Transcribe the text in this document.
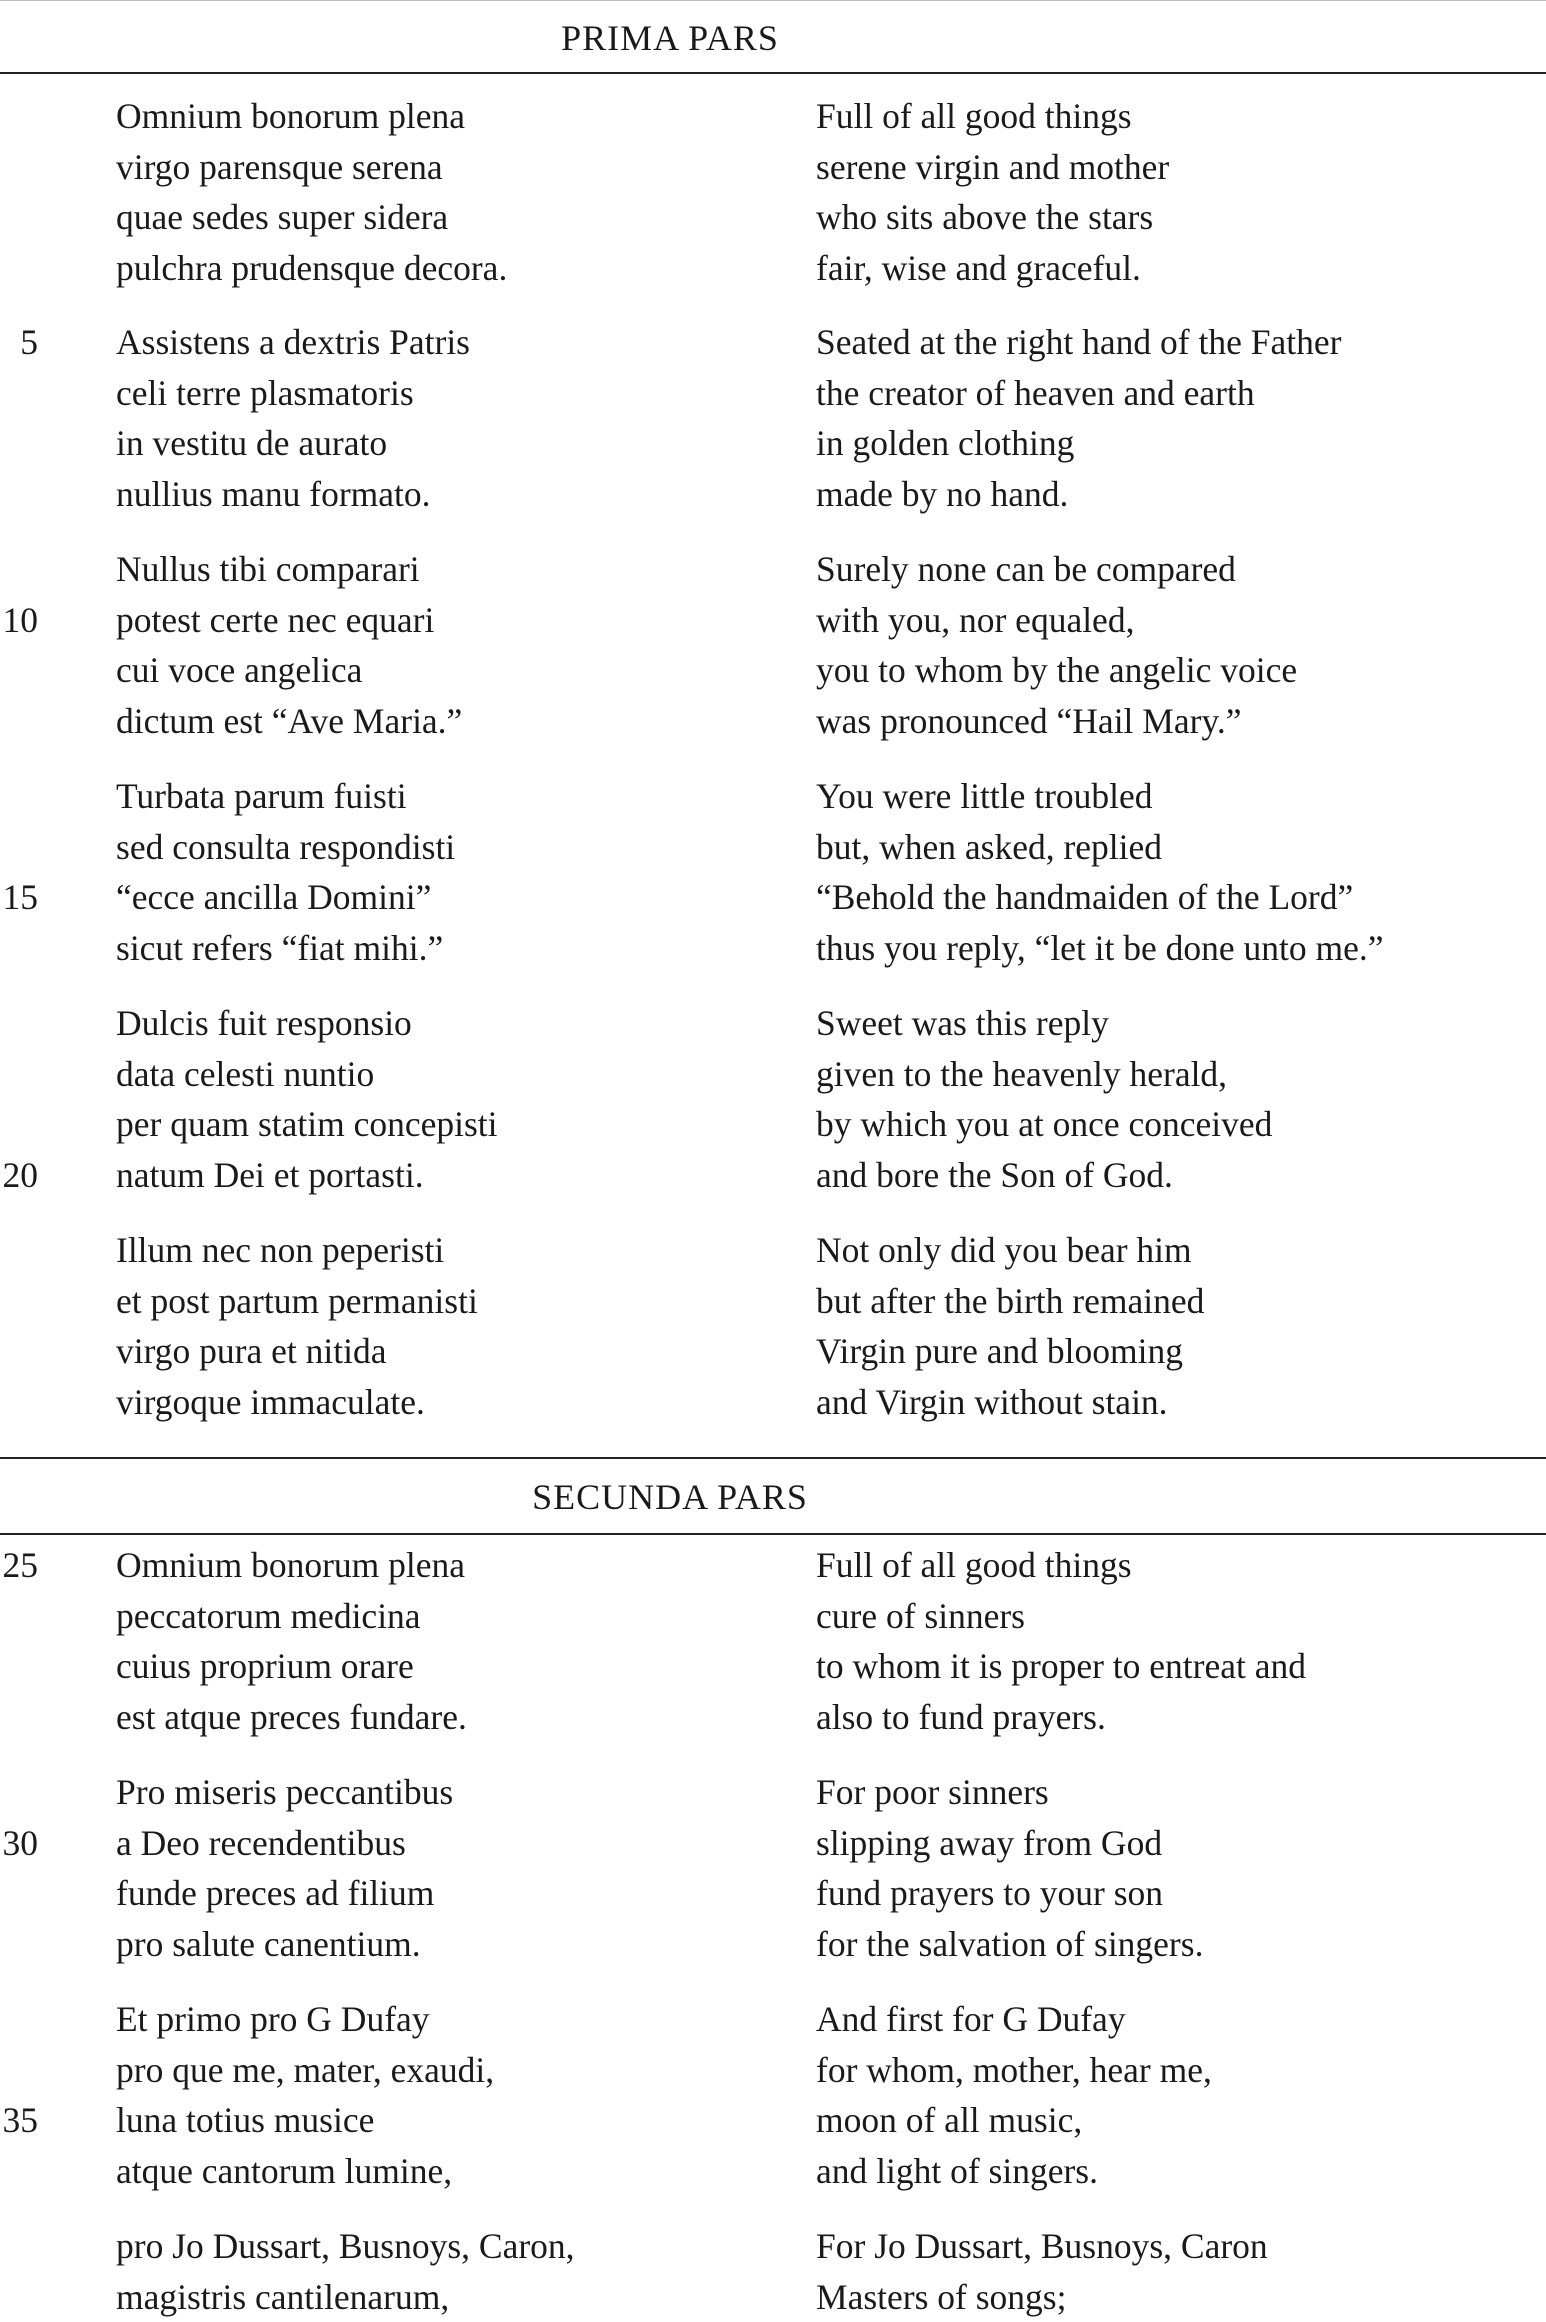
PRIMA PARS
Omnium bonorum plena	Full of all good things
virgo parensque serena	serene virgin and mother
quae sedes super sidera	who sits above the stars
pulchra prudensque decora.	fair, wise and graceful.
5 Assistens a dextris Patris	Seated at the right hand of the Father
celi terre plasmatoris	the creator of heaven and earth
in vestitu de aurato	in golden clothing
nullius manu formato.	made by no hand.
Nullus tibi comparari	Surely none can be compared
10 potest certe nec equari	with you, nor equaled,
cui voce angelica	you to whom by the angelic voice
dictum est “Ave Maria.”	was pronounced “Hail Mary.”
Turbata parum fuisti	You were little troubled
sed consulta respondisti	but, when asked, replied
15 “ecce ancilla Domini”	“Behold the handmaiden of the Lord”
sicut refers “fiat mihi.”	thus you reply, “let it be done unto me.”
Dulcis fuit responsio	Sweet was this reply
data celesti nuntio	given to the heavenly herald,
per quam statim concepisti	by which you at once conceived
20 natum Dei et portasti.	and bore the Son of God.
Illum nec non peperisti	Not only did you bear him
et post partum permanisti	but after the birth remained
virgo pura et nitida	Virgin pure and blooming
virgoque immaculate.	and Virgin without stain.
SECUNDA PARS
25 Omnium bonorum plena	Full of all good things
peccatorum medicina	cure of sinners
cuius proprium orare	to whom it is proper to entreat and
est atque preces fundare.	also to fund prayers.
Pro miseris peccantibus	For poor sinners
30 a Deo recendentibus	slipping away from God
funde preces ad filium	fund prayers to your son
pro salute canentium.	for the salvation of singers.
Et primo pro G Dufay	And first for G Dufay
pro que me, mater, exaudi,	for whom, mother, hear me,
35 luna totius musice	moon of all music,
atque cantorum lumine,	and light of singers.
pro Jo Dussart, Busnoys, Caron,	For Jo Dussart, Busnoys, Caron
magistris cantilenarum,	Masters of songs;
